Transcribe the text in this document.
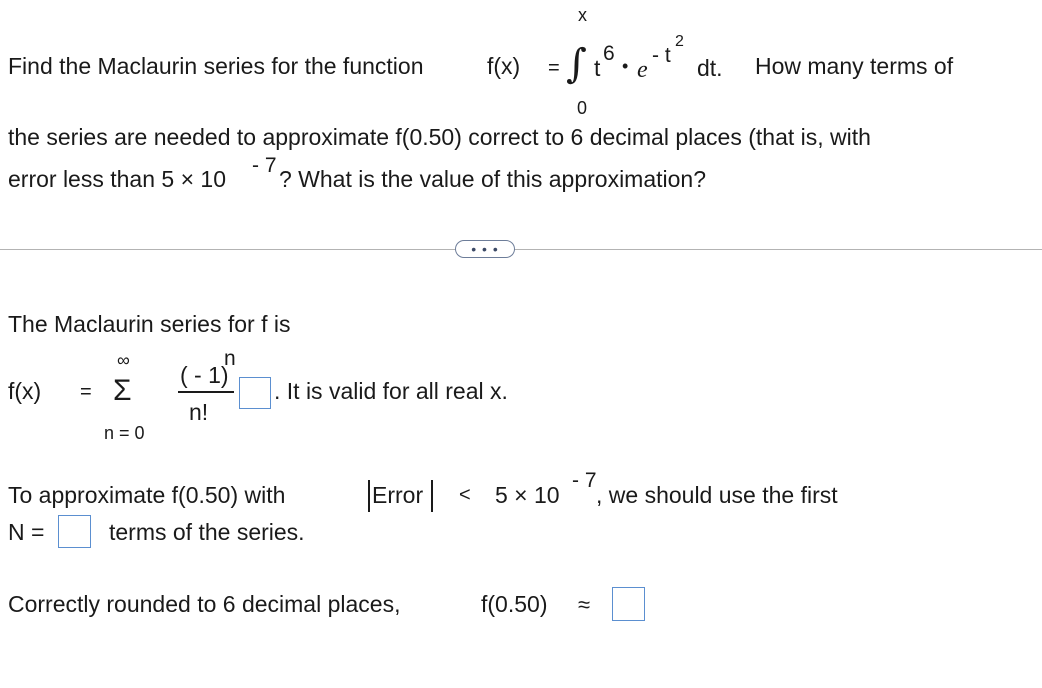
Find the Maclaurin series for the function	f(x) =
x
∫
0
t
6
• e
- t
2
dt. How many terms of
the series are needed to approximate f(0.50) correct to 6 decimal places (that is, with
error less than 5 × 10
- 7
? What is the value of this approximation?
• • •
The Maclaurin series for f is
f(x) =
∞
Σ
n = 0
( - 1)
n
n!
. It is valid for all real x.
To approximate f(0.50) with	Error < 5 × 10
- 7
, we should use the first
N =	terms of the series.
Correctly rounded to 6 decimal places,	f(0.50) ≈
